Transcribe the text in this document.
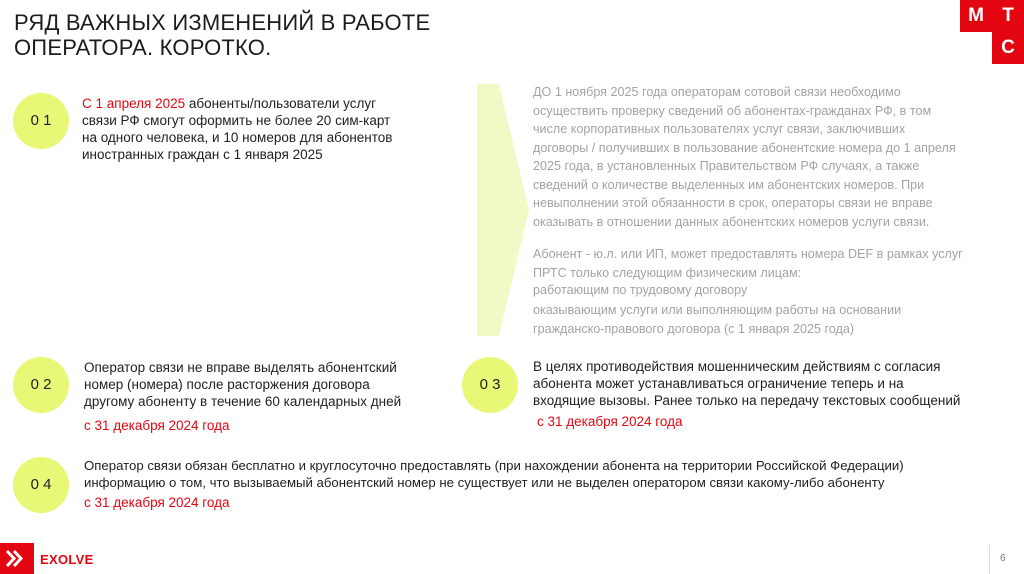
РЯД ВАЖНЫХ ИЗМЕНЕНИЙ В РАБОТЕ
ОПЕРАТОРА. КОРОТКО.
М Т
С
0 1
С 1 апреля 2025 абоненты/пользователи услуг
связи РФ смогут оформить не более 20 сим-карт
на одного человека, и 10 номеров для абонентов
иностранных граждан с 1 января 2025
ДО 1 ноября 2025 года операторам сотовой связи необходимо
осуществить проверку сведений об абонентах-гражданах РФ, в том
числе корпоративных пользователях услуг связи, заключивших
договоры / получивших в пользование абонентские номера до 1 апреля
2025 года, в установленных Правительством РФ случаях, а также
сведений о количестве выделенных им абонентских номеров. При
невыполнении этой обязанности в срок, операторы связи не вправе
оказывать в отношении данных абонентских номеров услуги связи.
Абонент - ю.л. или ИП, может предоставлять номера DEF в рамках услуг
ПРТС только следующим физическим лицам:
работающим по трудовому договору
оказывающим услуги или выполняющим работы на основании
гражданско-правового договора (с 1 января 2025 года)
0 2
Оператор связи не вправе выделять абонентский
номер (номера) после расторжения договора
другому абоненту в течение 60 календарных дней
с 31 декабря 2024 года
0 3
В целях противодействия мошенническим действиям с согласия
абонента может устанавливаться ограничение теперь и на
входящие вызовы. Ранее только на передачу текстовых сообщений
с 31 декабря 2024 года
0 4
Оператор связи обязан бесплатно и круглосуточно предоставлять (при нахождении абонента на территории Российской Федерации)
информацию о том, что вызываемый абонентский номер не существует или не выделен оператором связи какому-либо абоненту
с 31 декабря 2024 года
EXOLVE	6
